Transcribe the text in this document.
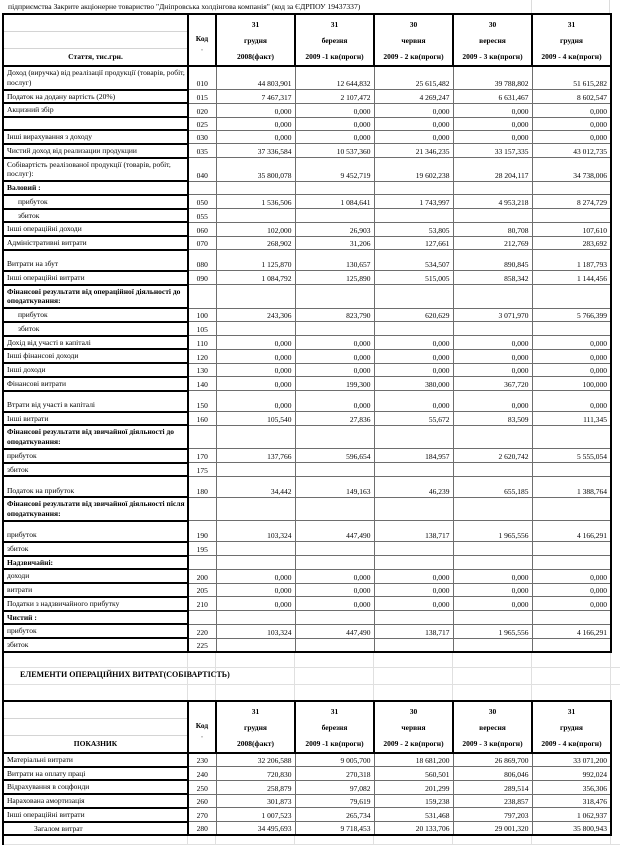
підприємства Закрите акціонерне товариство "Дніпровська холдінгова компанія" (код за ЄДРПОУ 19437337)
Стаття, тис.грн.

Код
'

31
грудня
2008(факт)

31
березня
2009 -1 кв(прогн)

30
червня
2009 - 2 кв(прогн)

30
вересня
2009 - 3 кв(прогн)

31
грудня
2009 - 4 кв(прогн)

Доход (виручка) від реалізації продукції (товарів, робіт, послуг)	010	44 803,901	12 644,832	25 615,482	39 788,802	51 615,282
Податок на додану вартість (20%)	015	7 467,317	2 107,472	4 269,247	6 631,467	8 602,547
Акцизний збір	020	0,000	0,000	0,000	0,000	0,000
	025	0,000	0,000	0,000	0,000	0,000
Інші вирахування з доходу	030	0,000	0,000	0,000	0,000	0,000
Чистий доход від реализации продукции	035	37 336,584	10 537,360	21 346,235	33 157,335	43 012,735
Собівартість реалізованої продукції (товарів, робіт, послуг):	040	35 800,078	9 452,719	19 602,238	28 204,117	34 738,006
Валовий :						
прибуток	050	1 536,506	1 084,641	1 743,997	4 953,218	8 274,729
збиток	055					
Інші операційні доходи	060	102,000	26,903	53,805	80,708	107,610
Адміністративні витрати	070	268,902	31,206	127,661	212,769	283,692
Витрати на збут	080	1 125,870	130,657	534,507	890,845	1 187,793
Інші операційні витрати	090	1 084,792	125,890	515,005	858,342	1 144,456
Фінансові результати від операційної діяльності до оподаткування:						
прибуток	100	243,306	823,790	620,629	3 071,970	5 766,399
збиток	105					
Дохід від участі в капіталі	110	0,000	0,000	0,000	0,000	0,000
Інші фінансові доходи	120	0,000	0,000	0,000	0,000	0,000
Інші доходи	130	0,000	0,000	0,000	0,000	0,000
Фінансові витрати	140	0,000	199,300	380,000	367,720	100,000
Втрати від участі в капіталі	150	0,000	0,000	0,000	0,000	0,000
Інші витрати	160	105,540	27,836	55,672	83,509	111,345
Фінансові результати від звичайної діяльності до оподаткування:						
прибуток	170	137,766	596,654	184,957	2 620,742	5 555,054
збиток	175					
Податок на прибуток	180	34,442	149,163	46,239	655,185	1 388,764
Фінансові результати від звичайної діяльності після оподаткування:						
прибуток	190	103,324	447,490	138,717	1 965,556	4 166,291
збиток	195					
Надзвичайні:						
доходи	200	0,000	0,000	0,000	0,000	0,000
витрати	205	0,000	0,000	0,000	0,000	0,000
Податки з надзвичайного прибутку	210	0,000	0,000	0,000	0,000	0,000
Чистий :						
прибуток	220	103,324	447,490	138,717	1 965,556	4 166,291
збиток	225					
ЕЛЕМЕНТИ ОПЕРАЦІЙНИХ ВИТРАТ(СОБІВАРТІСТЬ)
ПОКАЗНИК

Код
'

31
грудня
2008(факт)

31
березня
2009 -1 кв(прогн)

30
червня
2009 - 2 кв(прогн)

30
вересня
2009 - 3 кв(прогн)

31
грудня
2009 - 4 кв(прогн)

Матеріальні витрати	230	32 206,588	9 005,700	18 681,200	26 869,700	33 071,200
Витрати на оплату праці	240	720,830	270,318	560,501	806,046	992,024
Відрахування в соцфонди	250	258,879	97,082	201,299	289,514	356,306
Нарахована амортизація	260	301,873	79,619	159,238	238,857	318,476
Інші операційні витрати	270	1 007,523	265,734	531,468	797,203	1 062,937
Загалом витрат	280	34 495,693	9 718,453	20 133,706	29 001,320	35 800,943
